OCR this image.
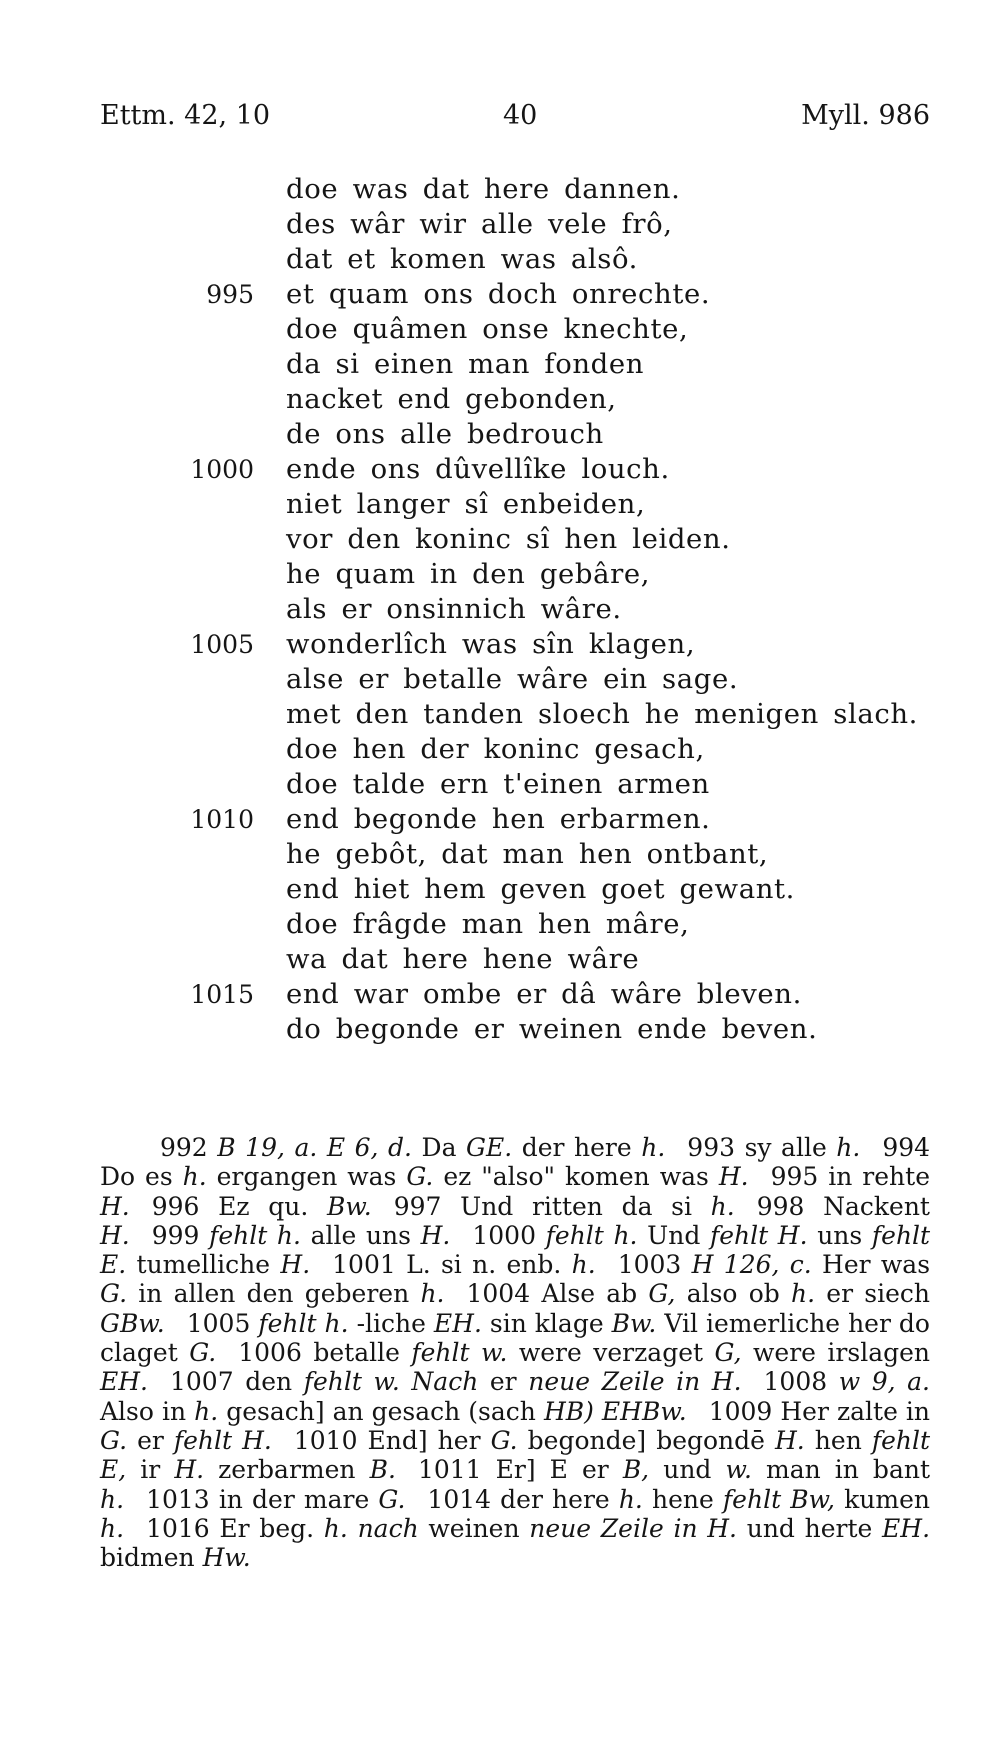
Ettm. 42, 10	40	Myll. 986
doe was dat here dannen.
des wâr wir alle vele frô,
dat et komen was alsô.
995 et quam ons doch onrechte.
doe quâmen onse knechte,
da si einen man fonden
nacket end gebonden,
de ons alle bedrouch
1000 ende ons dûvellîke louch.
niet langer sî enbeiden,
vor den koninc sî hen leiden.
he quam in den gebâre,
als er onsinnich wâre.
1005 wonderlîch was sîn klagen,
alse er betalle wâre ein sage.
met den tanden sloech he menigen slach.
doe hen der koninc gesach,
doe talde ern t'einen armen
1010 end begonde hen erbarmen.
he gebôt, dat man hen ontbant,
end hiet hem geven goet gewant.
doe frâgde man hen mâre,
wa dat here hene wâre
1015 end war ombe er dâ wâre bleven.
do begonde er weinen ende beven.

992 B 19, a. E 6, d. Da GE. der here h. 993 sy alle h. 994 Do es h. ergangen was G. ez "also" komen was H. 995 in rehte H. 996 Ez qu. Bw. 997 Und ritten da si h. 998 Nackent H. 999 fehlt h. alle uns H. 1000 fehlt h. Und fehlt H. uns fehlt E. tumelliche H. 1001 L. si n. enb. h. 1003 H 126, c. Her was G. in allen den geberen h. 1004 Alse ab G, also ob h. er siech GBw. 1005 fehlt h. -liche EH. sin klage Bw. Vil iemerliche her do claget G. 1006 betalle fehlt w. were verzaget G, were irslagen EH. 1007 den fehlt w. Nach er neue Zeile in H. 1008 w 9, a. Also in h. gesach] an gesach (sach HB) EHBw. 1009 Her zalte in G. er fehlt H. 1010 End] her G. begonde] begondē H. hen fehlt E, ir H. zerbarmen B. 1011 Er] E er B, und w. man in bant h. 1013 in der mare G. 1014 der here h. hene fehlt Bw, kumen h. 1016 Er beg. h. nach weinen neue Zeile in H. und herte EH. bidmen Hw.
